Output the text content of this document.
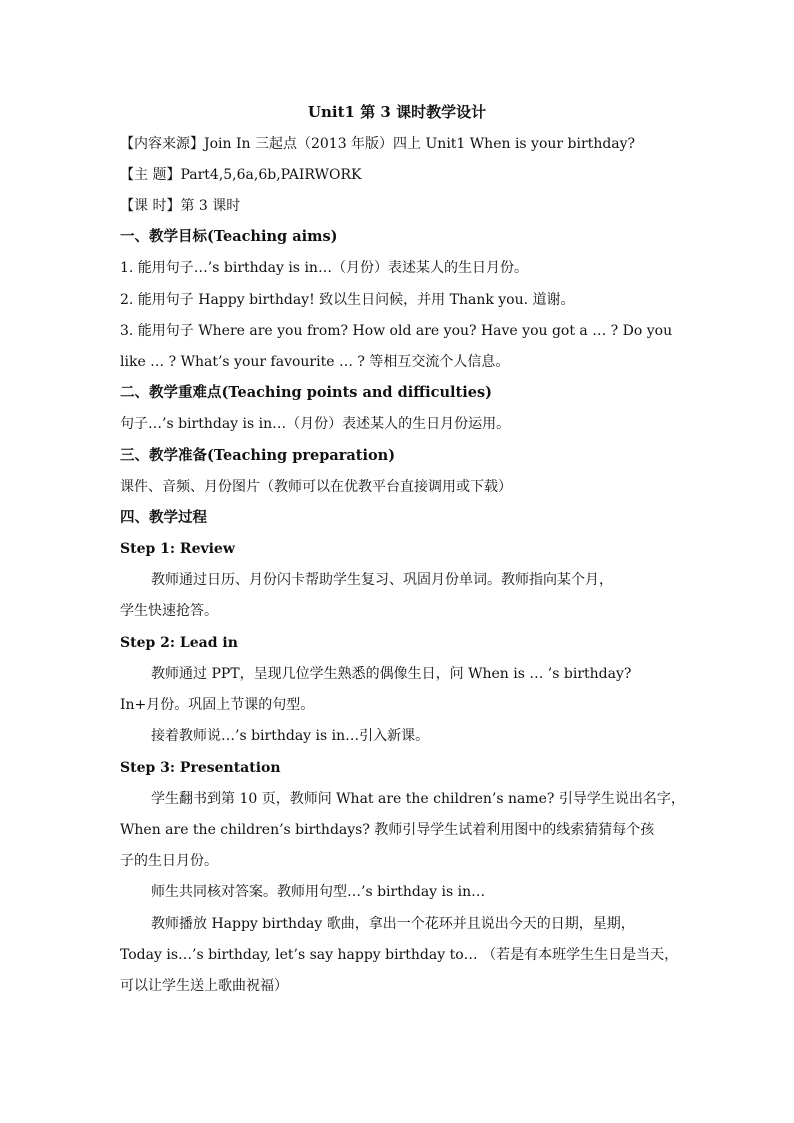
Unit1 第 3 课时教学设计
【内容来源】Join In 三起点（2013 年版）四上 Unit1 When is your birthday?
【主 题】Part4,5,6a,6b,PAIRWORK
【课 时】第 3 课时
一、教学目标(Teaching aims)
1. 能用句子…’s birthday is in…（月份）表述某人的生日月份。
2. 能用句子 Happy birthday! 致以生日问候，并用 Thank you. 道谢。
3. 能用句子 Where are you from? How old are you? Have you got a … ? Do you
like … ? What’s your favourite … ? 等相互交流个人信息。
二、教学重难点(Teaching points and difficulties)
句子…’s birthday is in…（月份）表述某人的生日月份运用。
三、教学准备(Teaching preparation)
课件、音频、月份图片（教师可以在优教平台直接调用或下载）
四、教学过程
Step 1: Review
教师通过日历、月份闪卡帮助学生复习、巩固月份单词。教师指向某个月，
学生快速抢答。
Step 2: Lead in
教师通过 PPT，呈现几位学生熟悉的偶像生日，问 When is … ’s birthday?
In+月份。巩固上节课的句型。
接着教师说…’s birthday is in…引入新课。
Step 3: Presentation
学生翻书到第 10 页，教师问 What are the children’s name? 引导学生说出名字，
When are the children’s birthdays? 教师引导学生试着利用图中的线索猜猜每个孩
子的生日月份。
师生共同核对答案。教师用句型…’s birthday is in…
教师播放 Happy birthday 歌曲，拿出一个花环并且说出今天的日期，星期，
Today is…’s birthday, let’s say happy birthday to… （若是有本班学生生日是当天，
可以让学生送上歌曲祝福）
